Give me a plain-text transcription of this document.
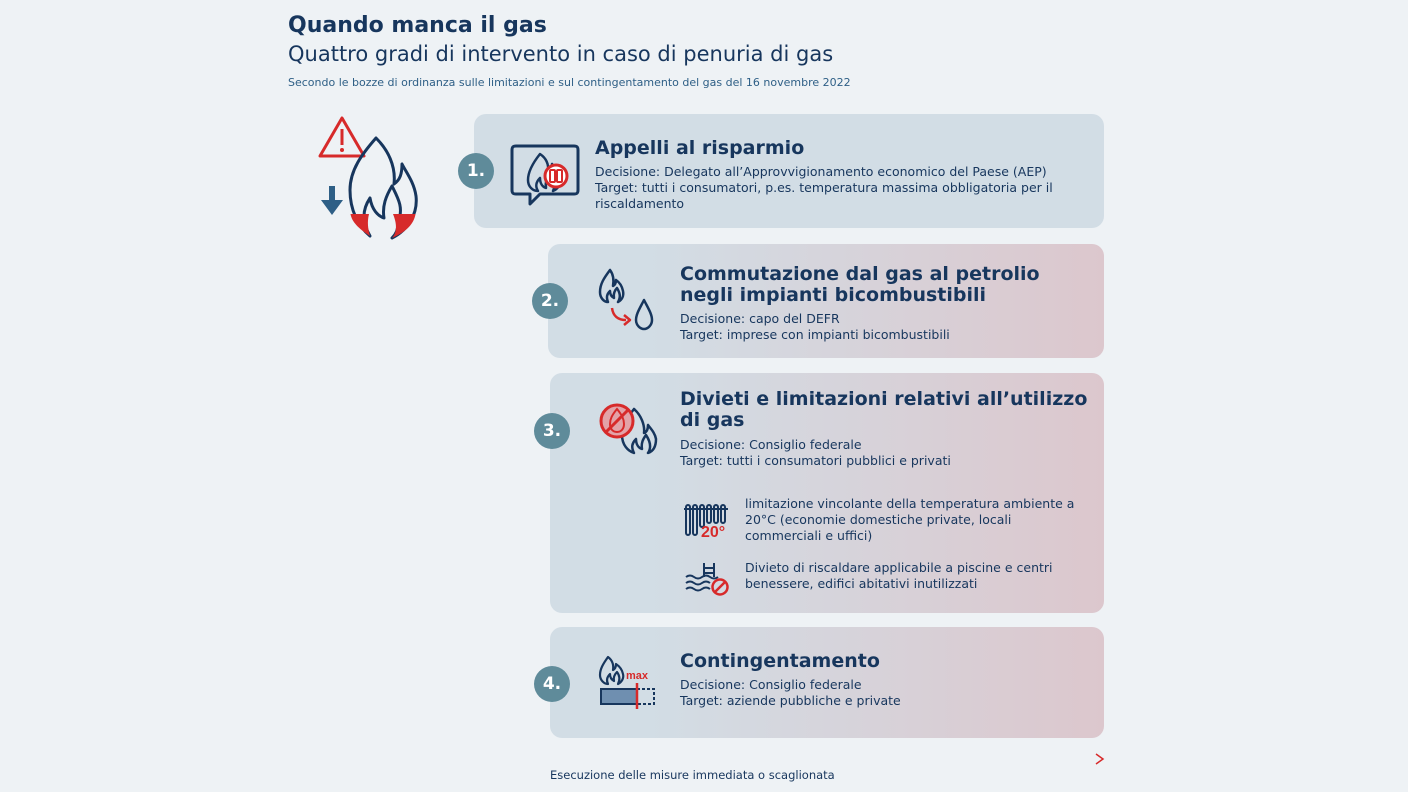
Quando manca il gas
Quattro gradi di intervento in caso di penuria di gas
Secondo le bozze di ordinanza sulle limitazioni e sul contingentamento del gas del 16 novembre 2022
1.
Appelli al risparmio
Decisione: Delegato all’Approvvigionamento economico del Paese (AEP)
Target: tutti i consumatori, p.es. temperatura massima obbligatoria per il riscaldamento
2.
Commutazione dal gas al petrolio negli impianti bicombustibili
Decisione: capo del DEFR
Target: imprese con impianti bicombustibili
3.
Divieti e limitazioni relativi all’utilizzo di gas
Decisione: Consiglio federale
Target: tutti i consumatori pubblici e privati
20°
limitazione vincolante della temperatura ambiente a 20°C (economie domestiche private, locali commerciali e uffici)
Divieto di riscaldare applicabile a piscine e centri benessere, edifici abitativi inutilizzati
4.	max
Contingentamento
Decisione: Consiglio federale
Target: aziende pubbliche e private
Esecuzione delle misure immediata o scaglionata
